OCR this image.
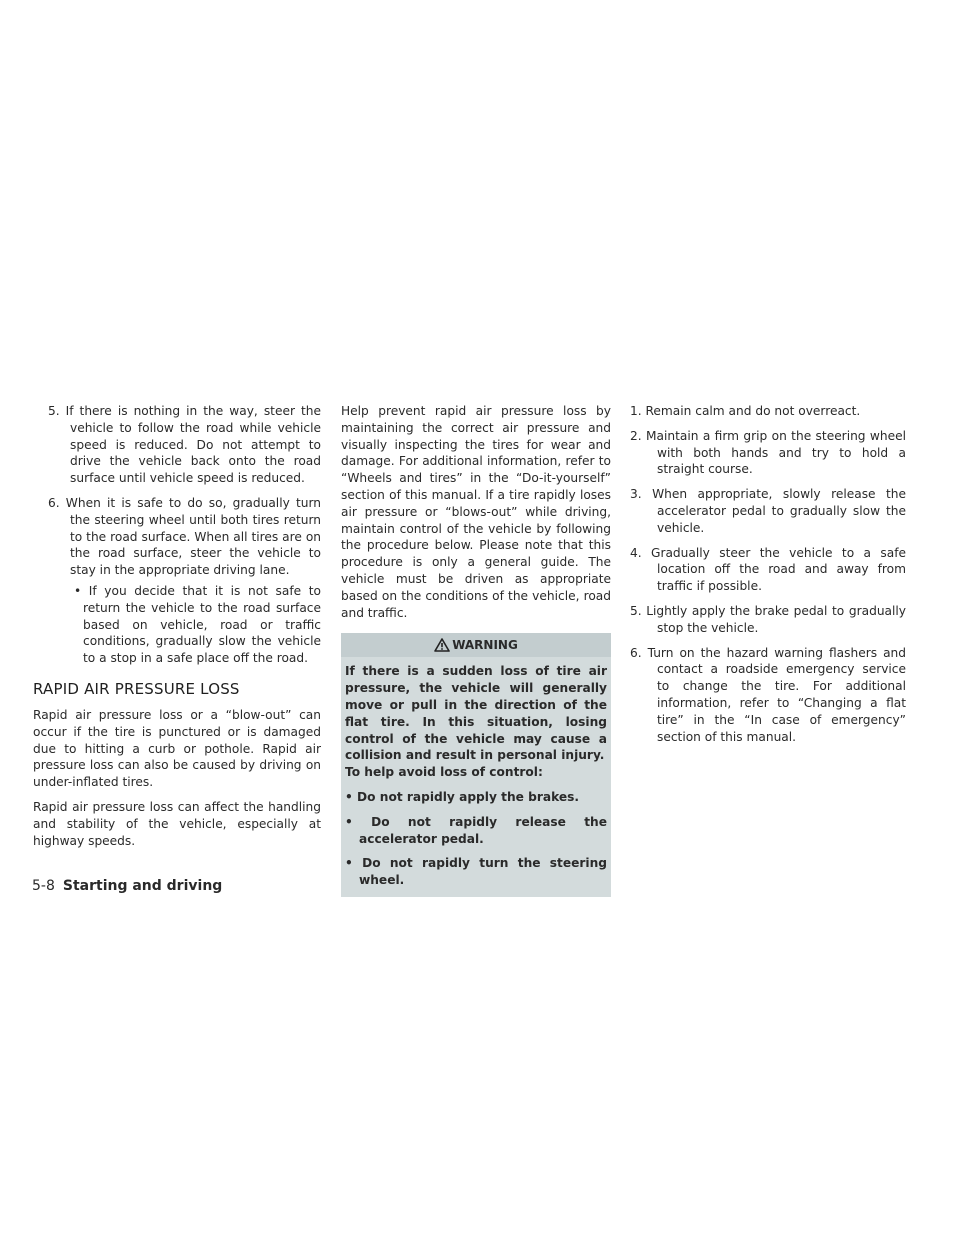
5. If there is nothing in the way, steer the vehicle to follow the road while vehicle speed is reduced. Do not attempt to drive the vehicle back onto the road surface until vehicle speed is reduced.

6. When it is safe to do so, gradually turn the steering wheel until both tires return to the road surface. When all tires are on the road surface, steer the vehicle to stay in the appropriate driving lane.

• If you decide that it is not safe to return the vehicle to the road surface based on vehicle, road or traffic conditions, gradually slow the vehicle to a stop in a safe place off the road.

RAPID AIR PRESSURE LOSS

Rapid air pressure loss or a “blow-out” can occur if the tire is punctured or is damaged due to hitting a curb or pothole. Rapid air pressure loss can also be caused by driving on under-inflated tires.

Rapid air pressure loss can affect the handling and stability of the vehicle, especially at highway speeds.

Help prevent rapid air pressure loss by maintaining the correct air pressure and visually inspecting the tires for wear and damage. For additional information, refer to “Wheels and tires” in the “Do-it-yourself” section of this manual. If a tire rapidly loses air pressure or “blows-out” while driving, maintain control of the vehicle by following the procedure below. Please note that this procedure is only a general guide. The vehicle must be driven as appropriate based on the conditions of the vehicle, road and traffic.

WARNING

If there is a sudden loss of tire air pressure, the vehicle will generally move or pull in the direction of the flat tire. In this situation, losing control of the vehicle may cause a collision and result in personal injury.

To help avoid loss of control:

• Do not rapidly apply the brakes.

• Do not rapidly release the accelerator pedal.

• Do not rapidly turn the steering wheel.

1. Remain calm and do not overreact.

2. Maintain a firm grip on the steering wheel with both hands and try to hold a straight course.

3. When appropriate, slowly release the accelerator pedal to gradually slow the vehicle.

4. Gradually steer the vehicle to a safe location off the road and away from traffic if possible.

5. Lightly apply the brake pedal to gradually stop the vehicle.

6. Turn on the hazard warning flashers and contact a roadside emergency service to change the tire. For additional information, refer to “Changing a flat tire” in the “In case of emergency” section of this manual.

5-8 Starting and driving
